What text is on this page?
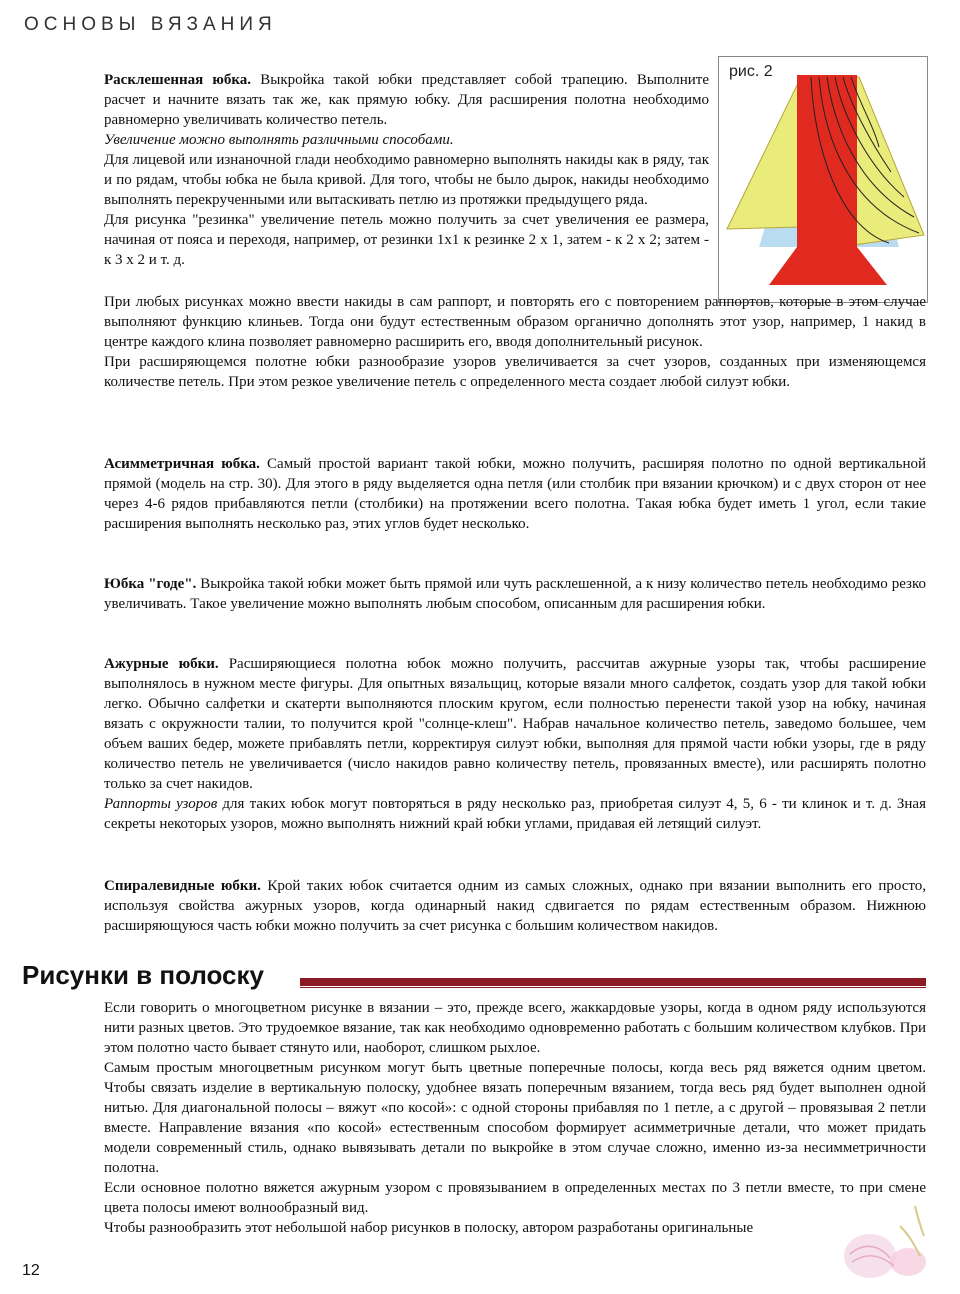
ОСНОВЫ ВЯЗАНИЯ
рис. 2

Расклешенная юбка. Выкройка такой юбки представляет собой трапецию. Выполните расчет и начните вязать так же, как прямую юбку. Для расширения полотна необходимо равномерно увеличивать количество петель.

Увеличение можно выполнять различными способами.

Для лицевой или изнаночной глади необходимо равномерно выполнять накиды как в ряду, так и по рядам, чтобы юбка не была кривой. Для того, чтобы не было дырок, накиды необходимо выполнять перекрученными или вытаскивать петлю из протяжки предыдущего ряда.

Для рисунка "резинка" увеличение петель можно получить за счет увеличения ее размера, начиная от пояса и переходя, например, от резинки 1х1 к резинке 2 х 1, затем - к 2 х 2; затем - к 3 х 2 и т. д.

При любых рисунках можно ввести накиды в сам раппорт, и повторять его с повторением раппортов, которые в этом случае выполняют функцию клиньев. Тогда они будут естественным образом органично дополнять этот узор, например, 1 накид в центре каждого клина позволяет равномерно расширить его, вводя дополнительный рисунок.

При расширяющемся полотне юбки разнообразие узоров увеличивается за счет узоров, созданных при изменяющемся количестве петель. При этом резкое увеличение петель с определенного места создает любой силуэт юбки.

Асимметричная юбка. Самый простой вариант такой юбки, можно получить, расширяя полотно по одной вертикальной прямой (модель на стр. 30). Для этого в ряду выделяется одна петля (или столбик при вязании крючком) и с двух сторон от нее через 4-6 рядов прибавляются петли (столбики) на протяжении всего полотна. Такая юбка будет иметь 1 угол, если такие расширения выполнять несколько раз, этих углов будет несколько.

Юбка "годе". Выкройка такой юбки может быть прямой или чуть расклешенной, а к низу количество петель необходимо резко увеличивать. Такое увеличение можно выполнять любым способом, описанным для расширения юбки.

Ажурные юбки. Расширяющиеся полотна юбок можно получить, рассчитав ажурные узоры так, чтобы расширение выполнялось в нужном месте фигуры. Для опытных вязальщиц, которые вязали много салфеток, создать узор для такой юбки легко. Обычно салфетки и скатерти выполняются плоским кругом, если полностью перенести такой узор на юбку, начиная вязать с окружности талии, то получится крой "солнце-клеш". Набрав начальное количество петель, заведомо большее, чем объем ваших бедер, можете прибавлять петли, корректируя силуэт юбки, выполняя для прямой части юбки узоры, где в ряду количество петель не увеличивается (число накидов равно количеству петель, провязанных вместе), или расширять полотно только за счет накидов.

Раппорты узоров для таких юбок могут повторяться в ряду несколько раз, приобретая силуэт 4, 5, 6 - ти клинок и т. д. Зная секреты некоторых узоров, можно выполнять нижний край юбки углами, придавая ей летящий силуэт.

Спиралевидные юбки. Крой таких юбок считается одним из самых сложных, однако при вязании выполнить его просто, используя свойства ажурных узоров, когда одинарный накид сдвигается по рядам естественным образом. Нижнюю расширяющуюся часть юбки можно получить за счет рисунка с большим количеством накидов.

Рисунки в полоску

Если говорить о многоцветном рисунке в вязании – это, прежде всего, жаккардовые узоры, когда в одном ряду используются нити разных цветов. Это трудоемкое вязание, так как необходимо одновременно работать с большим количеством клубков. При этом полотно часто бывает стянуто или, наоборот, слишком рыхлое.

Самым простым многоцветным рисунком могут быть цветные поперечные полосы, когда весь ряд вяжется одним цветом. Чтобы связать изделие в вертикальную полоску, удобнее вязать поперечным вязанием, тогда весь ряд будет выполнен одной нитью. Для диагональной полосы – вяжут «по косой»: с одной стороны прибавляя по 1 петле, а с другой – провязывая 2 петли вместе. Направление вязания «по косой» естественным способом формирует асимметричные детали, что может придать модели современный стиль, однако вывязывать детали по выкройке в этом случае сложно, именно из-за несимметричности полотна.

Если основное полотно вяжется ажурным узором с провязыванием в определенных местах по 3 петли вместе, то при смене цвета полосы имеют волнообразный вид.

Чтобы разнообразить этот небольшой набор рисунков в полоску, автором разработаны оригинальные

12
